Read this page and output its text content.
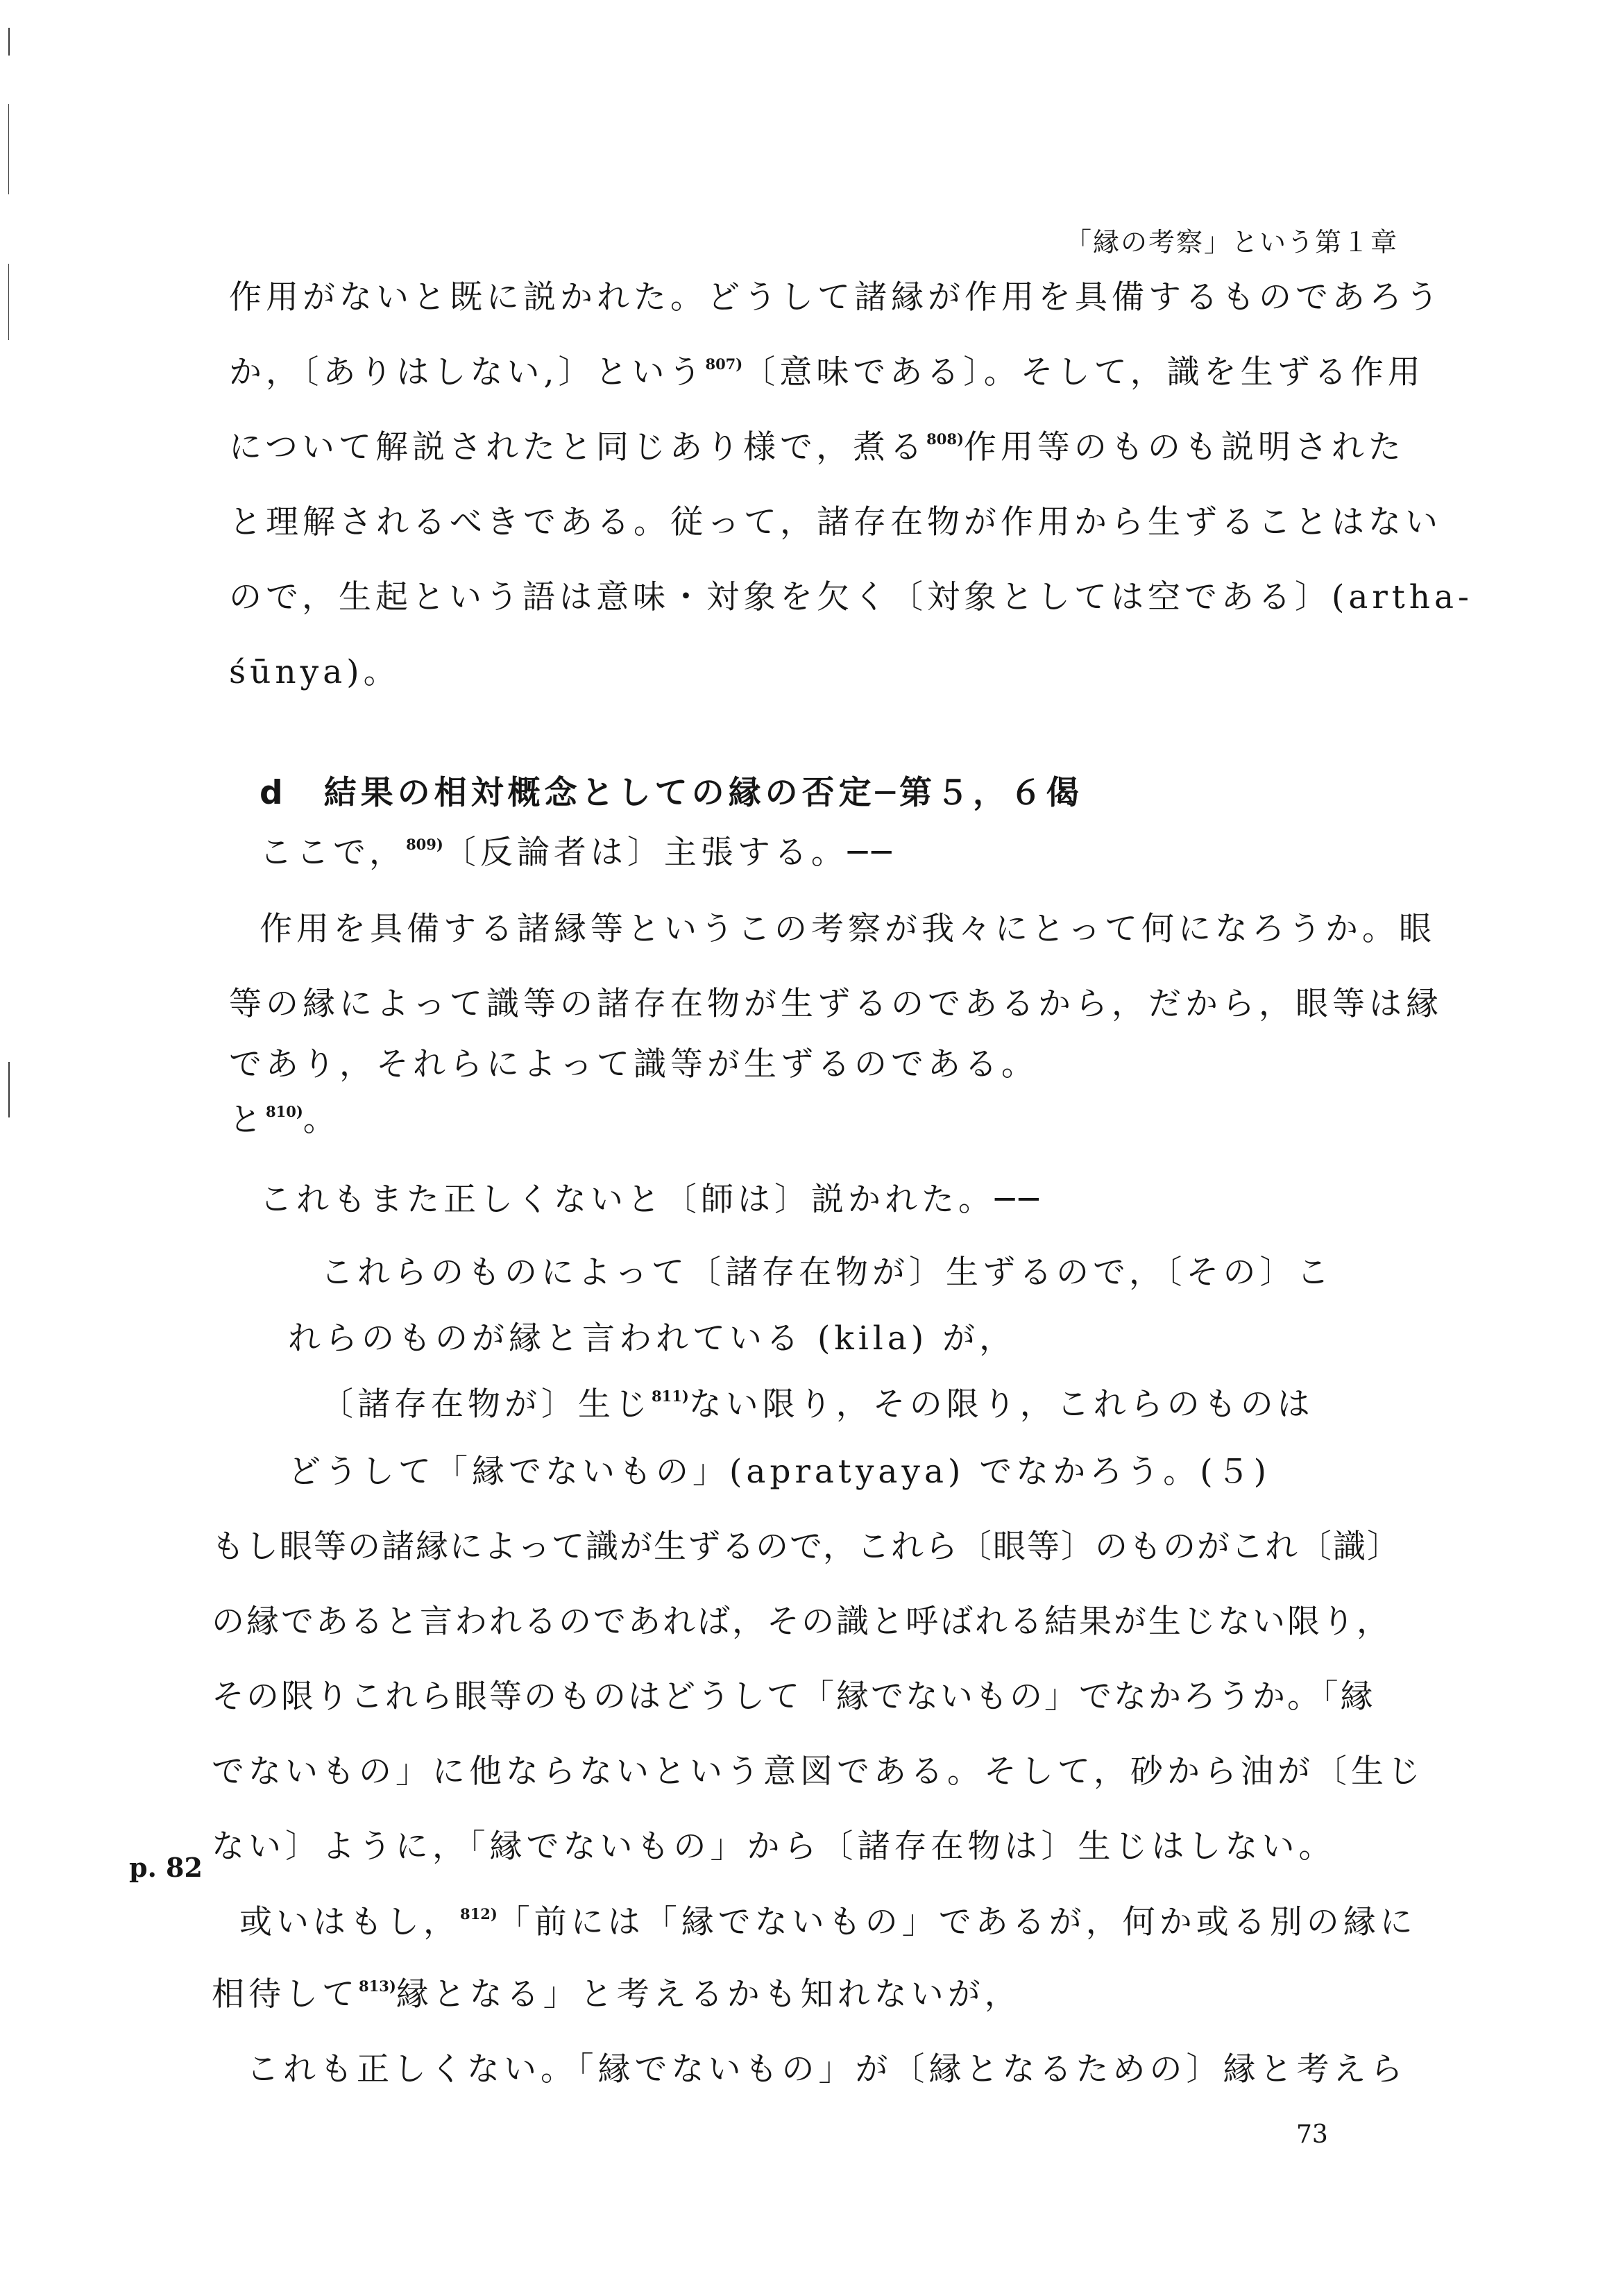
「縁の考察」という第１章
作用がないと既に説かれた。どうして諸縁が作用を具備するものであろう
か，〔ありはしない,〕という$^{807)}$〔意味である〕。そして，識を生ずる作用
について解説されたと同じあり様で，煮る$^{808)}$作用等のものも説明された
と理解されるべきである。従って，諸存在物が作用から生ずることはない
ので，生起という語は意味・対象を欠く〔対象としては空である〕(artha-
śūnya)。
d　結果の相対概念としての縁の否定─第５，６偈
ここで，$^{809)}$〔反論者は〕主張する。──
作用を具備する諸縁等というこの考察が我々にとって何になろうか。眼
等の縁によって識等の諸存在物が生ずるのであるから，だから，眼等は縁
であり，それらによって識等が生ずるのである。
と$^{810)}$。
これもまた正しくないと〔師は〕説かれた。──
これらのものによって〔諸存在物が〕生ずるので，〔その〕こ
れらのものが縁と言われている (kila) が，
〔諸存在物が〕生じ$^{811)}$ない限り，その限り，これらのものは
どうして「縁でないもの」(apratyaya) でなかろう。(５)
もし眼等の諸縁によって識が生ずるので，これら〔眼等〕のものがこれ〔識〕
の縁であると言われるのであれば，その識と呼ばれる結果が生じない限り，
その限りこれら眼等のものはどうして「縁でないもの」でなかろうか。「縁
でないもの」に他ならないという意図である。そして，砂から油が〔生じ
ない〕ように，「縁でないもの」から〔諸存在物は〕生じはしない。
p. 82
或いはもし，$^{812)}$「前には「縁でないもの」であるが，何か或る別の縁に
相待して$^{813)}$縁となる」と考えるかも知れないが，
これも正しくない。「縁でないもの」が〔縁となるための〕縁と考えら
73
